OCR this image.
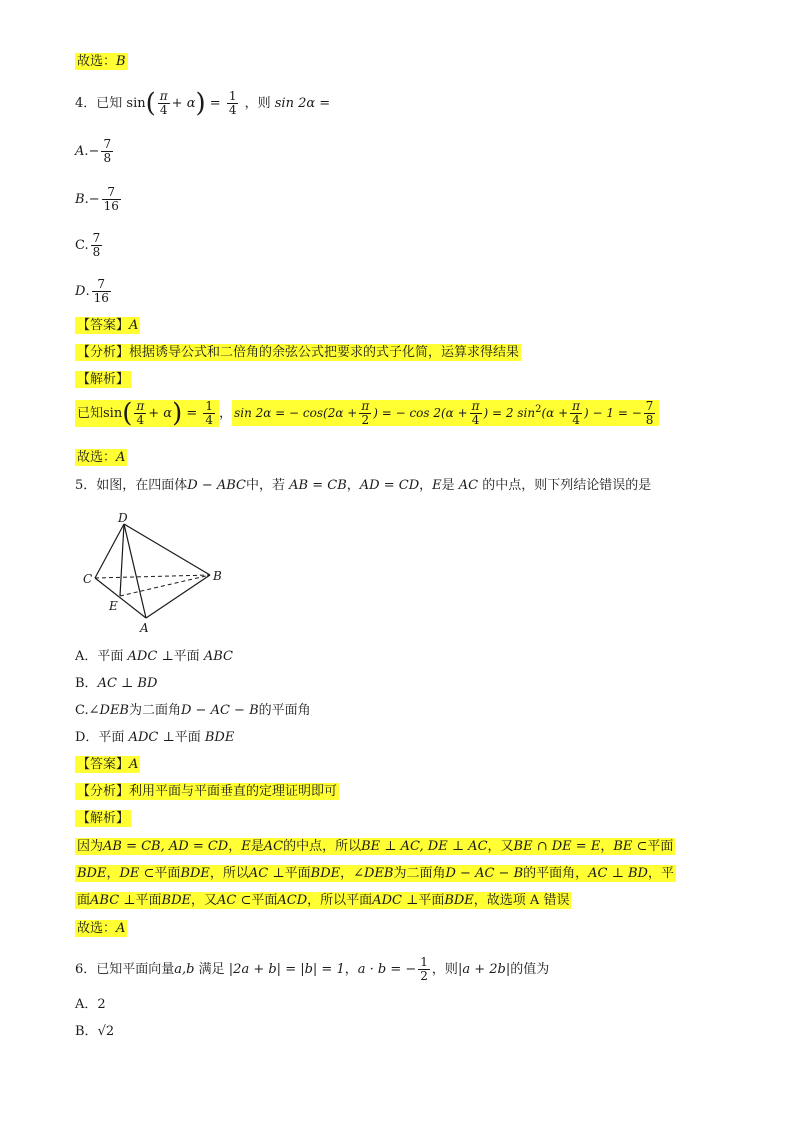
故选：B
4．已知 $\sin( \frac{\pi}{4} + \alpha) = \frac{1}{4}$ ，则 sin 2α =
$A.- \frac{7}{8}$
$B.- \frac{7}{16}$
C. $\frac{7}{8}$
D. $\frac{7}{16}$
【答案】A
【分析】根据诱导公式和二倍角的余弦公式把要求的式子化简，运算求得结果
【解析】
已知$\sin( \frac{\pi}{4} + \alpha) = \frac{1}{4}$ ， sin 2α = − $\cos(2\alpha + \frac{\pi}{2}$ ) = − $\cos 2(\alpha + \frac{\pi}{4}$ ) = 2 $\sin^2(\alpha + \frac{\pi}{4}$ ) − 1 = − $\frac{7}{8}$
故选：A
5．如图，在四面体D − ABC中，若 AB = CB，AD = CD，E是 AC 的中点，则下列结论错误的是
D
C	B
E
A
A．平面 ADC ⊥平面 ABC
B．AC ⊥ BD
C.∠DEB为二面角D − AC − B的平面角
D．平面 ADC ⊥平面 BDE
【答案】A
【分析】利用平面与平面垂直的定理证明即可
【解析】
因为AB = CB, AD = CD，E是AC的中点，所以BE ⊥ AC, DE ⊥ AC，又BE ∩ DE = E，BE ⊂平面
BDE，DE ⊂平面BDE，所以AC ⊥平面BDE，∠DEB为二面角D − AC − B的平面角，AC ⊥ BD，平
面ABC ⊥平面BDE，又AC ⊂平面ACD，所以平面ADC ⊥平面BDE，故选项 A 错误
故选：A
6．已知平面向量a,b 满足 |2a + b| = |b| = 1，a · b = − $\frac{1}{2}$ ，则|a + 2b|的值为
A．2
B．√2
